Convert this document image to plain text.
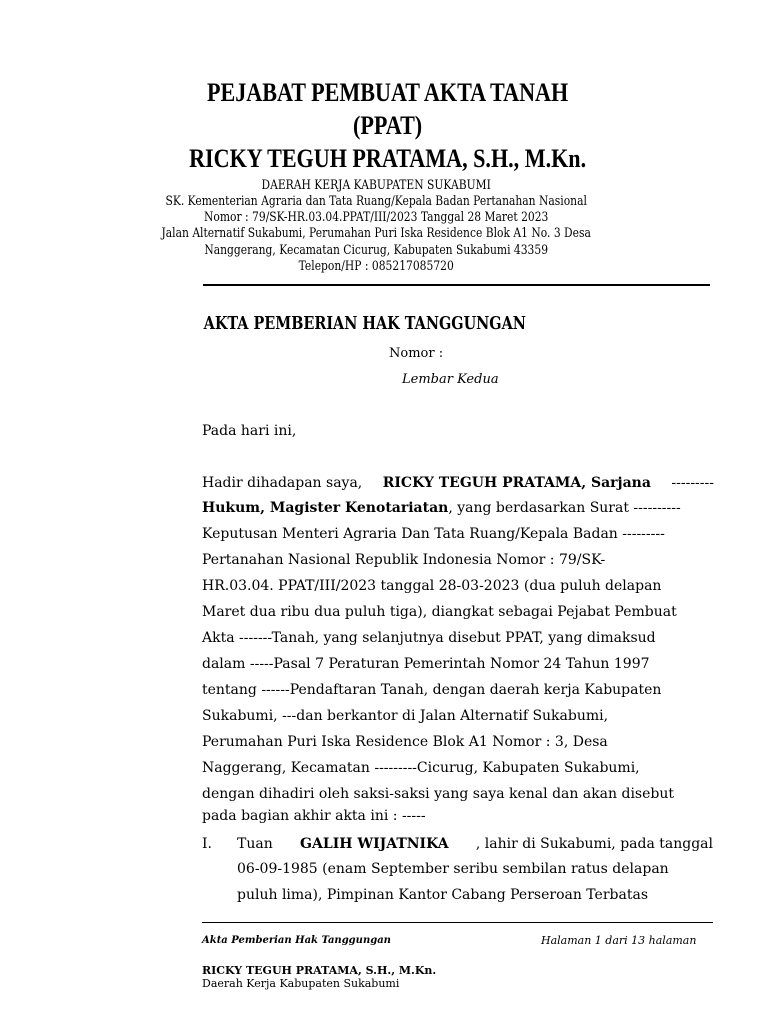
PEJABAT PEMBUAT AKTA TANAH
(PPAT)
RICKY TEGUH PRATAMA, S.H., M.Kn.
DAERAH KERJA KABUPATEN SUKABUMI
SK. Kementerian Agraria dan Tata Ruang/Kepala Badan Pertanahan Nasional
Nomor : 79/SK-HR.03.04.PPAT/III/2023 Tanggal 28 Maret 2023
Jalan Alternatif Sukabumi, Perumahan Puri Iska Residence Blok A1 No. 3 Desa
Nanggerang, Kecamatan Cicurug, Kabupaten Sukabumi 43359
Telepon/HP : 085217085720
AKTA PEMBERIAN HAK TANGGUNGAN
Nomor :
Lembar Kedua
Pada hari ini,
Hadir dihadapan saya, RICKY TEGUH PRATAMA, Sarjana ---------
Hukum, Magister Kenotariatan, yang berdasarkan Surat ----------
Keputusan Menteri Agraria Dan Tata Ruang/Kepala Badan ---------
Pertanahan Nasional Republik Indonesia Nomor : 79/SK-
HR.03.04. PPAT/III/2023 tanggal 28-03-2023 (dua puluh delapan
Maret dua ribu dua puluh tiga), diangkat sebagai Pejabat Pembuat
Akta -------Tanah, yang selanjutnya disebut PPAT, yang dimaksud
dalam -----Pasal 7 Peraturan Pemerintah Nomor 24 Tahun 1997
tentang ------Pendaftaran Tanah, dengan daerah kerja Kabupaten
Sukabumi, ---dan berkantor di Jalan Alternatif Sukabumi,
Perumahan Puri Iska Residence Blok A1 Nomor : 3, Desa
Naggerang, Kecamatan ---------Cicurug, Kabupaten Sukabumi,
dengan dihadiri oleh saksi-saksi yang saya kenal dan akan disebut
pada bagian akhir akta ini : -----
I. Tuan GALIH WIJATNIKA , lahir di Sukabumi, pada tanggal
06-09-1985 (enam September seribu sembilan ratus delapan
puluh lima), Pimpinan Kantor Cabang Perseroan Terbatas
Akta Pemberian Hak Tanggungan	Halaman 1 dari 13 halaman
RICKY TEGUH PRATAMA, S.H., M.Kn.
Daerah Kerja Kabupaten Sukabumi
